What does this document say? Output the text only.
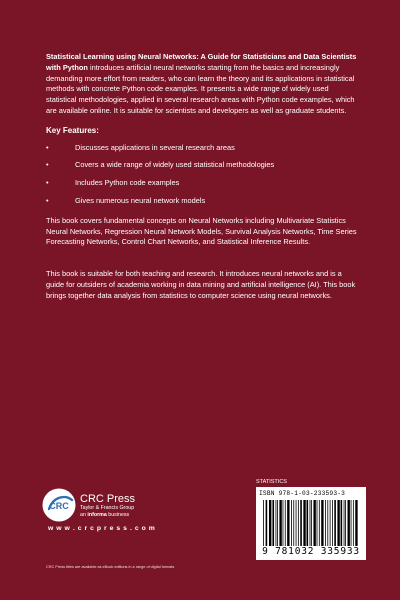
Statistical Learning using Neural Networks: A Guide for Statisticians and Data Scientists with Python introduces artificial neural networks starting from the basics and increasingly demanding more effort from readers, who can learn the theory and its applications in statistical methods with concrete Python code examples. It presents a wide range of widely used statistical methodologies, applied in several research areas with Python code examples, which are available online. It is suitable for scientists and developers as well as graduate students.

Key Features:

•	Discusses applications in several research areas
•	Covers a wide range of widely used statistical methodologies
•	Includes Python code examples
•	Gives numerous neural network models

This book covers fundamental concepts on Neural Networks including Multivariate Statistics Neural Networks, Regression Neural Network Models, Survival Analysis Networks, Time Series Forecasting Networks, Control Chart Networks, and Statistical Inference Results.

This book is suitable for both teaching and research. It introduces neural networks and is a guide for outsiders of academia working in data mining and artificial intelligence (AI). This book brings together data analysis from statistics to computer science using neural networks.

CRC
CRC Press
Taylor & Francis Group
an informa business
w w w . c r c p r e s s . c o m
CRC Press titles are available as eBook editions in a range of digital formats
STATISTICS
ISBN 978-1-03-233593-3
9 781032 335933
